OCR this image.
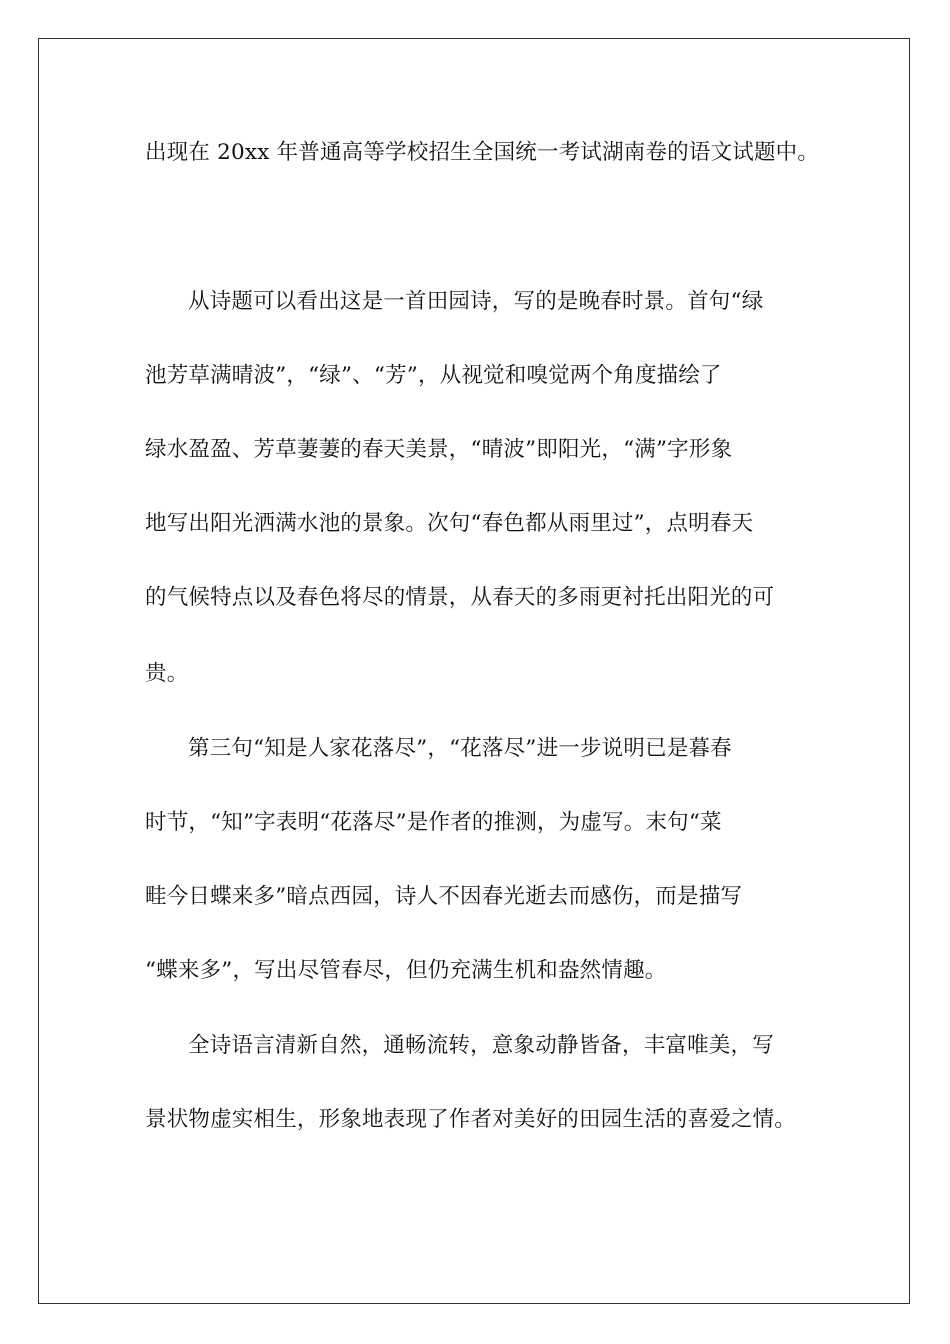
出现在 20xx 年普通高等学校招生全国统一考试湖南卷的语文试题中。
从诗题可以看出这是一首田园诗，写的是晚春时景。首句“绿
池芳草满晴波”，“绿”、“芳”，从视觉和嗅觉两个角度描绘了
绿水盈盈、芳草萋萋的春天美景，“晴波”即阳光，“满”字形象
地写出阳光洒满水池的景象。次句“春色都从雨里过”，点明春天
的气候特点以及春色将尽的情景，从春天的多雨更衬托出阳光的可
贵。
第三句“知是人家花落尽”，“花落尽”进一步说明已是暮春
时节，“知”字表明“花落尽”是作者的推测，为虚写。末句“菜
畦今日蝶来多”暗点西园，诗人不因春光逝去而感伤，而是描写
“蝶来多”，写出尽管春尽，但仍充满生机和盎然情趣。
全诗语言清新自然，通畅流转，意象动静皆备，丰富唯美，写
景状物虚实相生，形象地表现了作者对美好的田园生活的喜爱之情。
